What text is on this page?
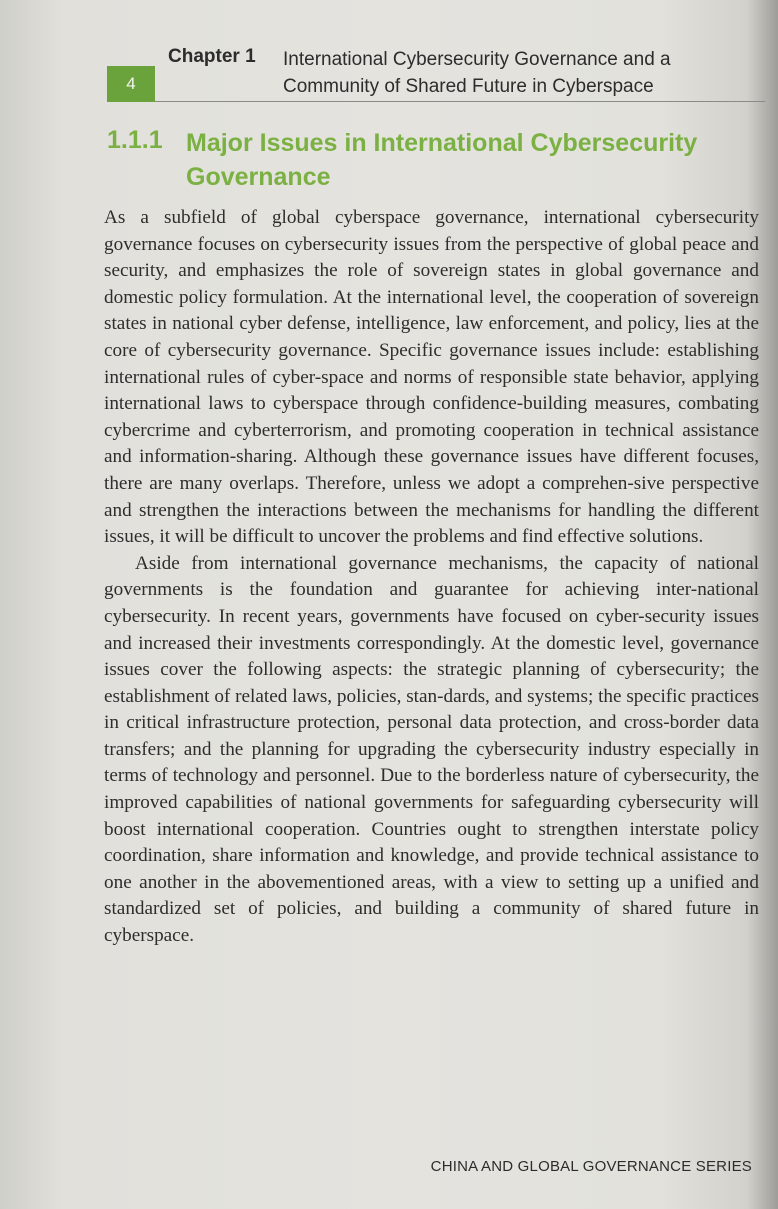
4
Chapter 1 International Cybersecurity Governance and a Community of Shared Future in Cyberspace
1.1.1 Major Issues in International Cybersecurity Governance

As a subfield of global cyberspace governance, international cybersecurity governance focuses on cybersecurity issues from the perspective of global peace and security, and emphasizes the role of sovereign states in global governance and domestic policy formulation. At the international level, the cooperation of sovereign states in national cyber defense, intelligence, law enforcement, and policy, lies at the core of cybersecurity governance. Specific governance issues include: establishing international rules of cyber-space and norms of responsible state behavior, applying international laws to cyberspace through confidence-building measures, combating cybercrime and cyberterrorism, and promoting cooperation in technical assistance and information-sharing. Although these governance issues have different focuses, there are many overlaps. Therefore, unless we adopt a comprehen-sive perspective and strengthen the interactions between the mechanisms for handling the different issues, it will be difficult to uncover the problems and find effective solutions.

Aside from international governance mechanisms, the capacity of national governments is the foundation and guarantee for achieving inter-national cybersecurity. In recent years, governments have focused on cyber-security issues and increased their investments correspondingly. At the domestic level, governance issues cover the following aspects: the strategic planning of cybersecurity; the establishment of related laws, policies, stan-dards, and systems; the specific practices in critical infrastructure protection, personal data protection, and cross-border data transfers; and the planning for upgrading the cybersecurity industry especially in terms of technology and personnel. Due to the borderless nature of cybersecurity, the improved capabilities of national governments for safeguarding cybersecurity will boost international cooperation. Countries ought to strengthen interstate policy coordination, share information and knowledge, and provide technical assistance to one another in the abovementioned areas, with a view to setting up a unified and standardized set of policies, and building a community of shared future in cyberspace.

CHINA AND GLOBAL GOVERNANCE SERIES
